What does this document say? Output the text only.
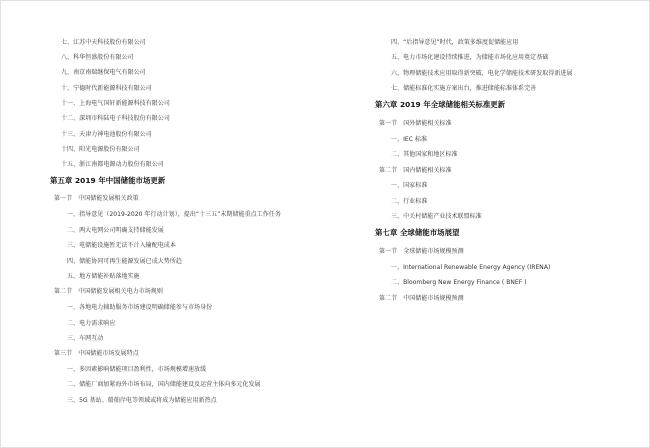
七、江苏中天科技股份有限公司
八、科华恒盛股份有限公司
九、南京南瑞继保电气有限公司
十、宁德时代新能源科技有限公司
十一、上海电气国轩新能源科技有限公司
十二、深圳市科陆电子科技股份有限公司
十三、天津力神电池股份有限公司
十四、阳光电源股份有限公司
十五、浙江南都电源动力股份有限公司
第五章 2019 年中国储能市场更新
第一节　中国储能发展相关政策
一、指导意见（2019-2020 年行动计划），提出“十三五”末期储能重点工作任务
二、两大电网公司明确支持储能发展
三、电储能设施暂无法不计入输配电成本
四、储能协同可再生能源发展已成大势所趋
五、地方储能补贴落地实施
第二节　中国储能发展相关电力市场规则
一、各地电力辅助服务市场建设明确储能参与市场身份
二、电力需求响应
三、车网互动
第三节　中国储能市场发展特点
一、多因素影响储能项目盈利性，市场规模增速放缓
二、储能厂商加紧海外市场布局，国内储能建设及运营主体向多元化发展
三、5G 基站、船舶岸电等领域或将成为储能应用新热点
四、“后指导意见”时代，政策多维度促储能应用
五、电力市场化建设持续推进，为储能市场化应用奠定基础
六、物理储能技术应用取得新突破，电化学储能技术研发取得新进展
七、储能标准化实施方案出台，推进储能标准体系完善
第六章 2019 年全球储能相关标准更新
第一节　国外储能相关标准
一、IEC 标准
二、其他国家和地区标准
第二节　国内储能相关标准
一、国家标准
二、行业标准
三、中关村储能产业技术联盟标准
第七章 全球储能市场展望
第一节　全球储能市场规模预测
一、International Renewable Energy Agency (IRENA)
二、Bloomberg New Energy Finance ( BNEF )
第二节　中国储能市场规模预测
